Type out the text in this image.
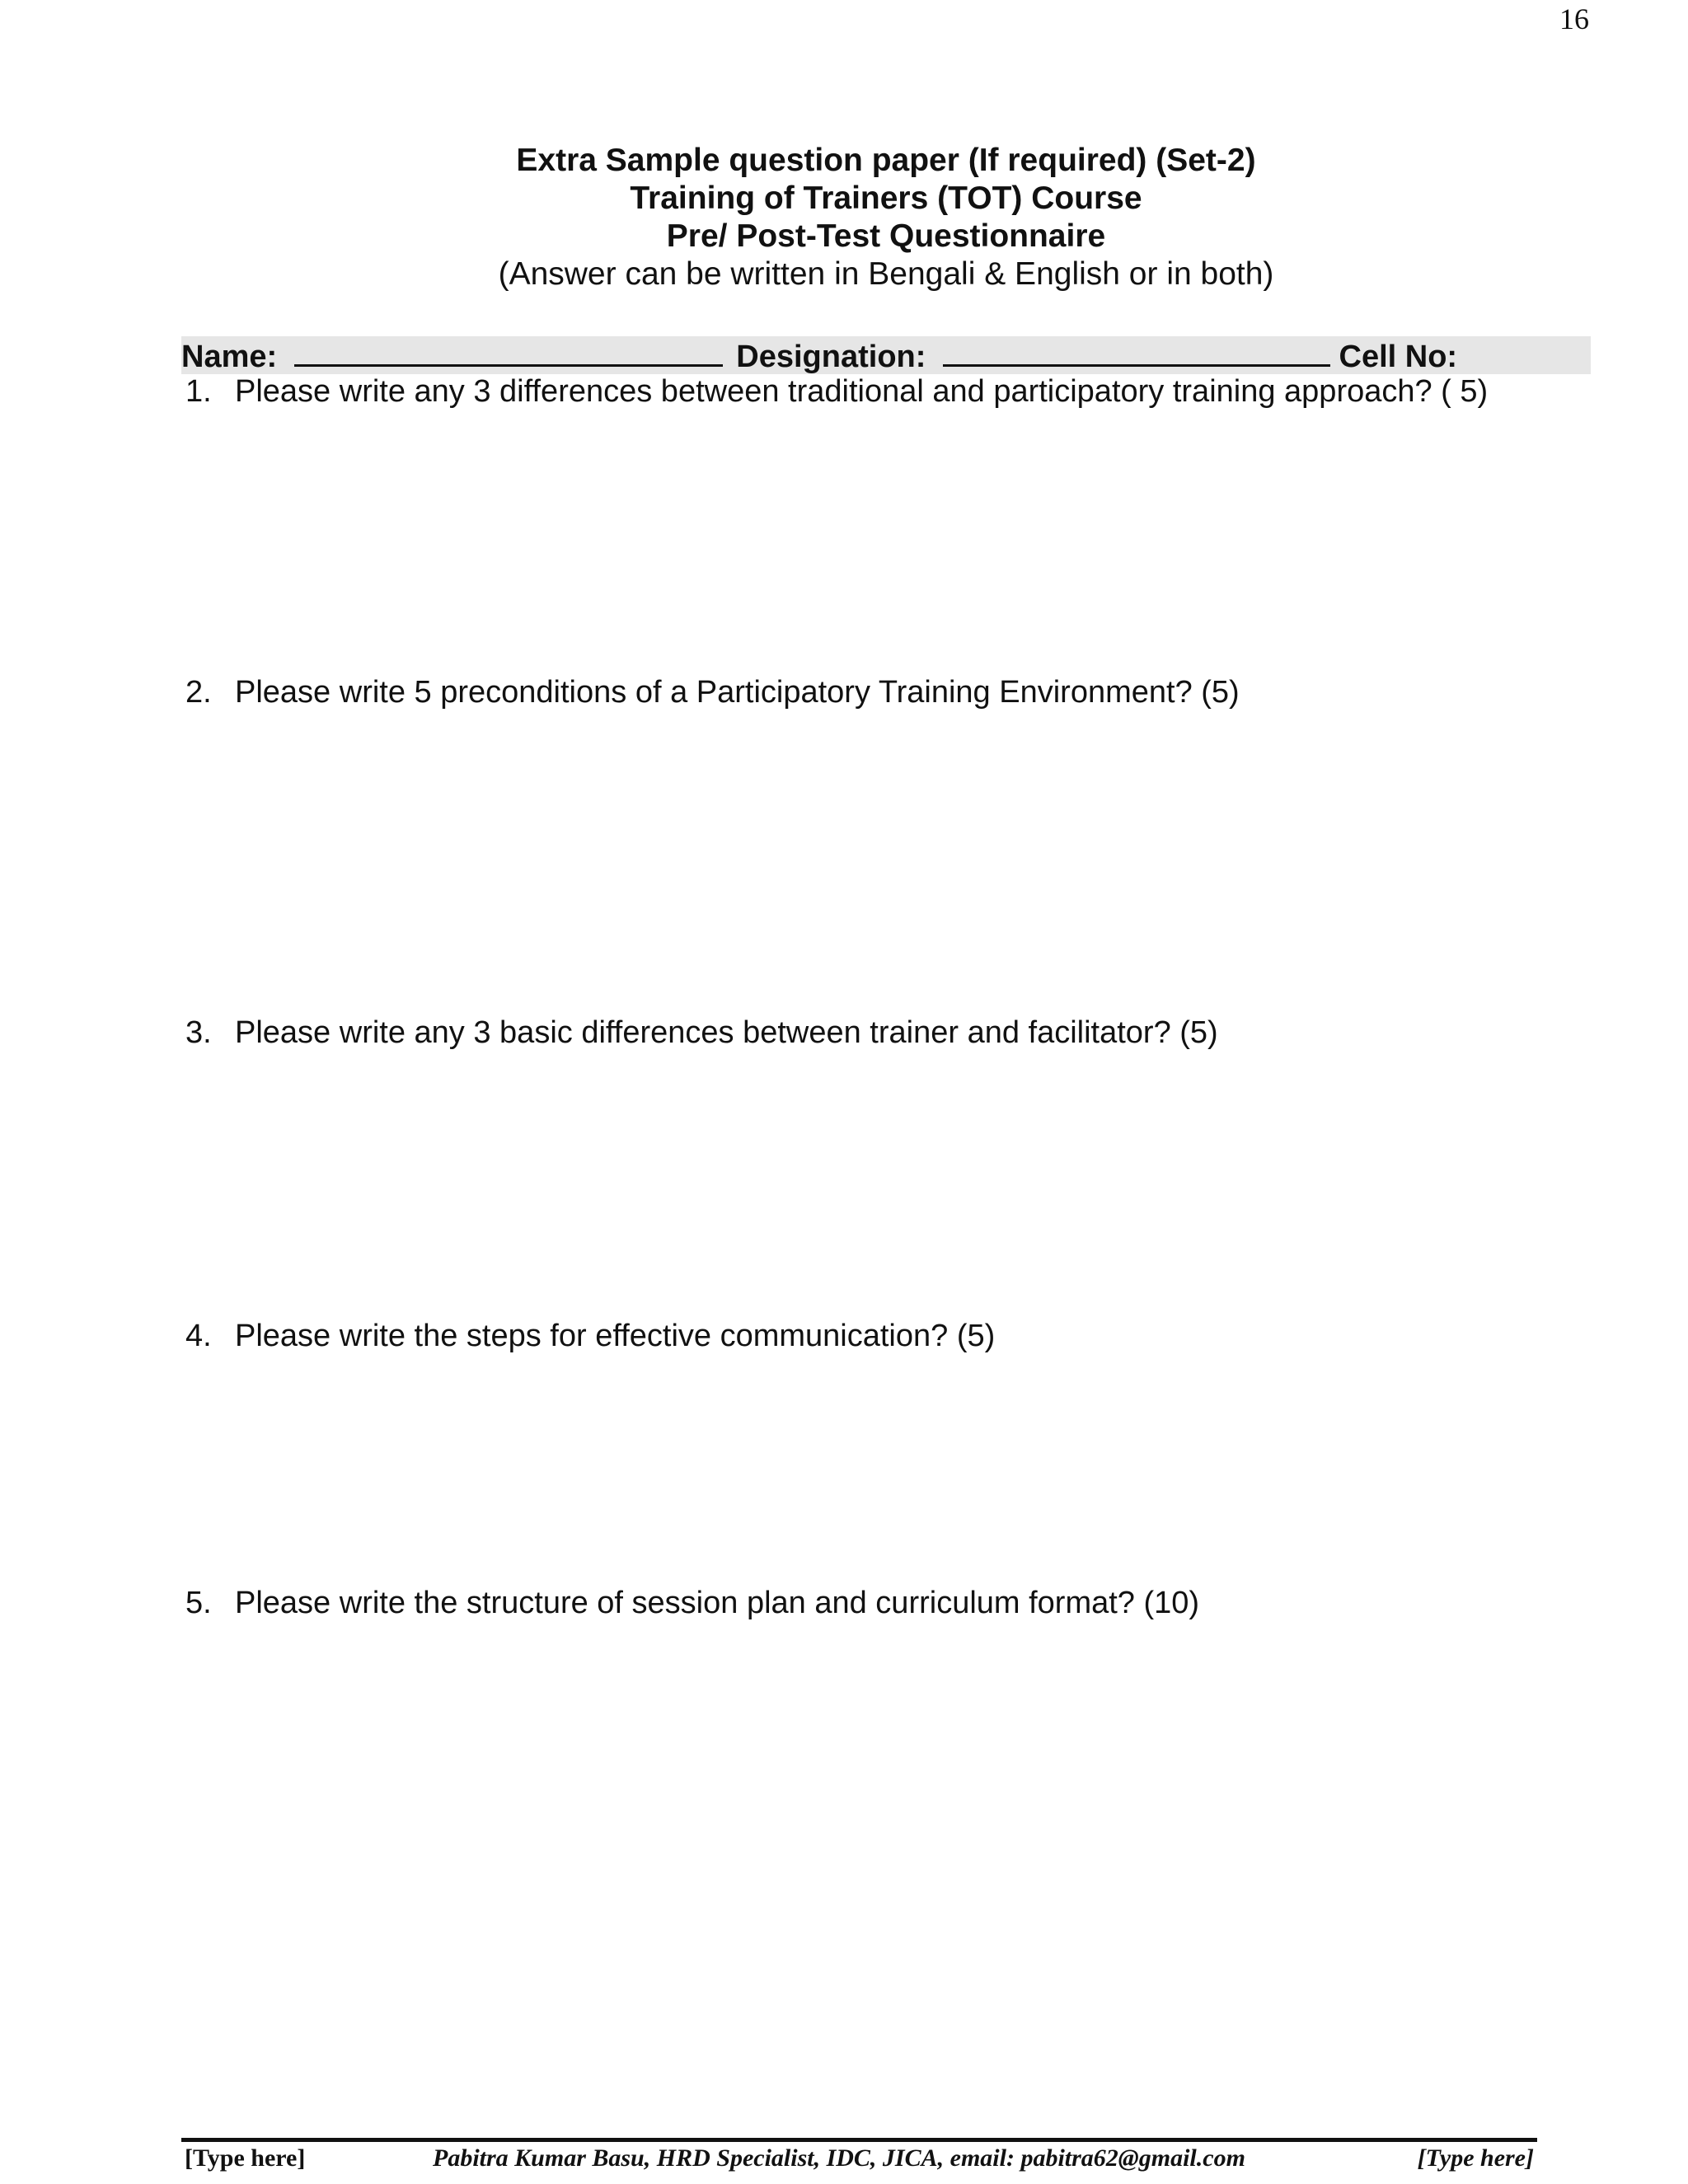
16
Extra Sample question paper (If required) (Set-2)
Training of Trainers (TOT) Course
Pre/ Post-Test Questionnaire
(Answer can be written in Bengali & English or in both)
Name:	Designation:	Cell No:
1. Please write any 3 differences between traditional and participatory training approach? ( 5)
2. Please write 5 preconditions of a Participatory Training Environment? (5)
3. Please write any 3 basic differences between trainer and facilitator? (5)
4. Please write the steps for effective communication? (5)
5. Please write the structure of session plan and curriculum format? (10)
[Type here]	Pabitra Kumar Basu, HRD Specialist, IDC, JICA, email: pabitra62@gmail.com	[Type here]
